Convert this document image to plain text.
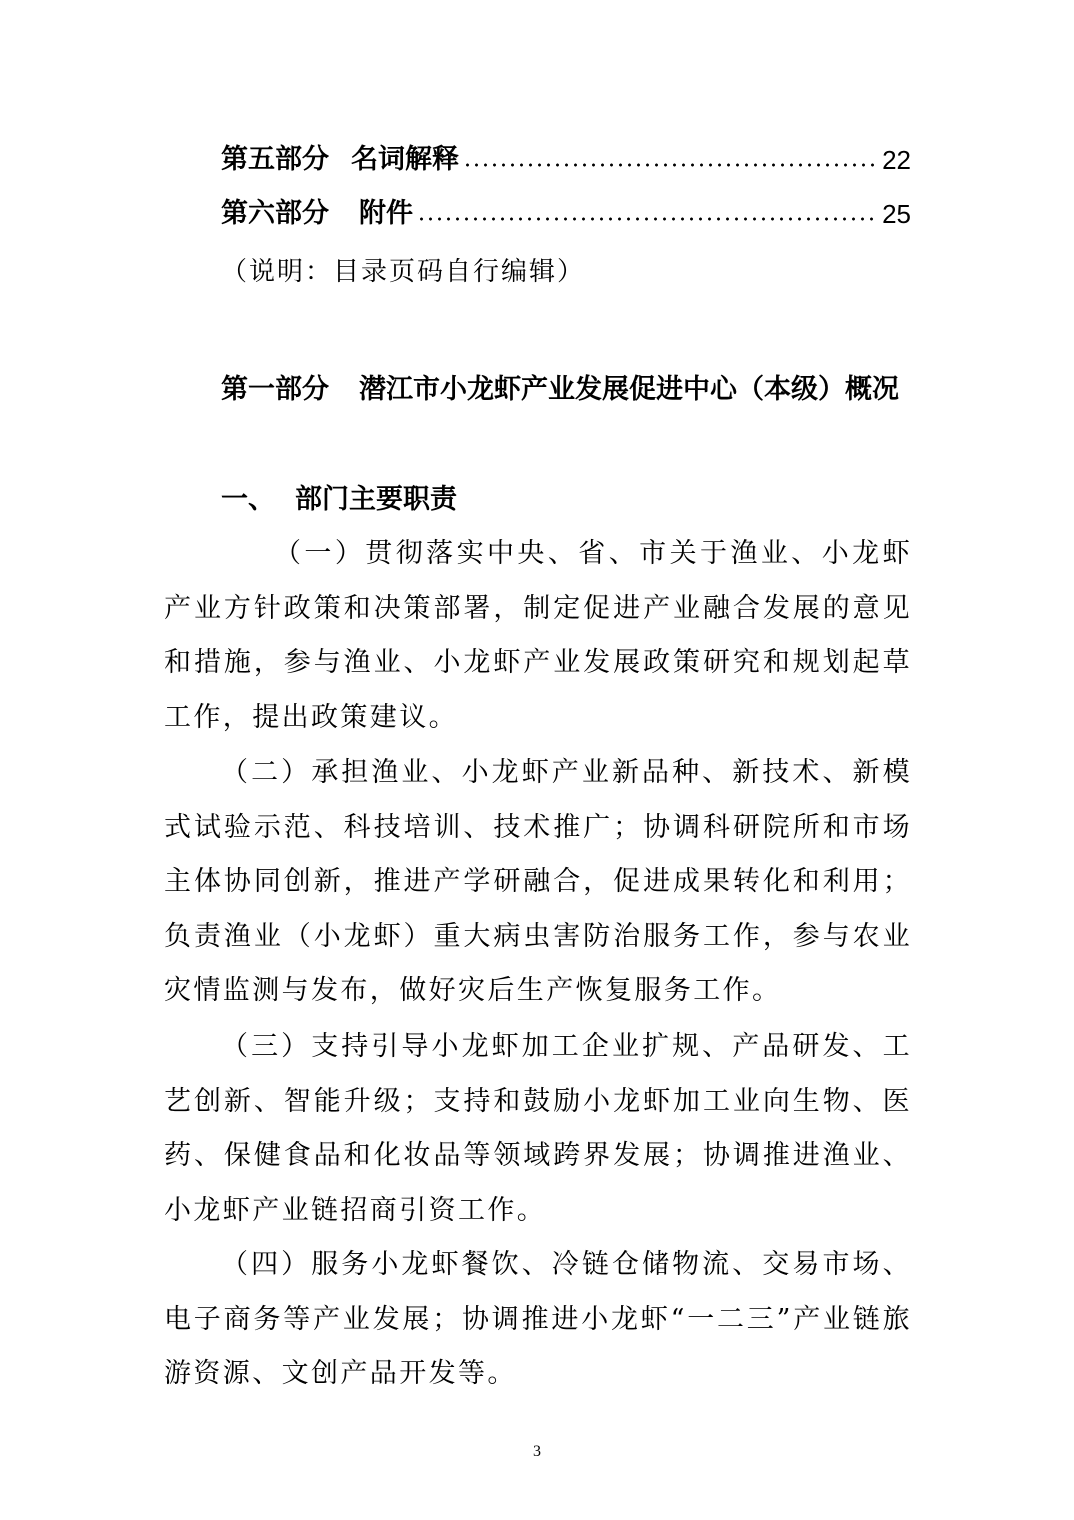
第五部分 名词解释	22
第六部分 附件	25
（说明：目录页码自行编辑）
第一部分 潜江市小龙虾产业发展促进中心（本级）概况
一、 部门主要职责

（一）贯彻落实中央、省、市关于渔业、小龙虾产业方针政策和决策部署，制定促进产业融合发展的意见和措施，参与渔业、小龙虾产业发展政策研究和规划起草工作，提出政策建议。

（二）承担渔业、小龙虾产业新品种、新技术、新模式试验示范、科技培训、技术推广；协调科研院所和市场主体协同创新，推进产学研融合，促进成果转化和利用；负责渔业（小龙虾）重大病虫害防治服务工作，参与农业灾情监测与发布，做好灾后生产恢复服务工作。

（三）支持引导小龙虾加工企业扩规、产品研发、工艺创新、智能升级；支持和鼓励小龙虾加工业向生物、医药、保健食品和化妆品等领域跨界发展；协调推进渔业、小龙虾产业链招商引资工作。

（四）服务小龙虾餐饮、冷链仓储物流、交易市场、电子商务等产业发展；协调推进小龙虾“一二三”产业链旅游资源、文创产品开发等。

3
